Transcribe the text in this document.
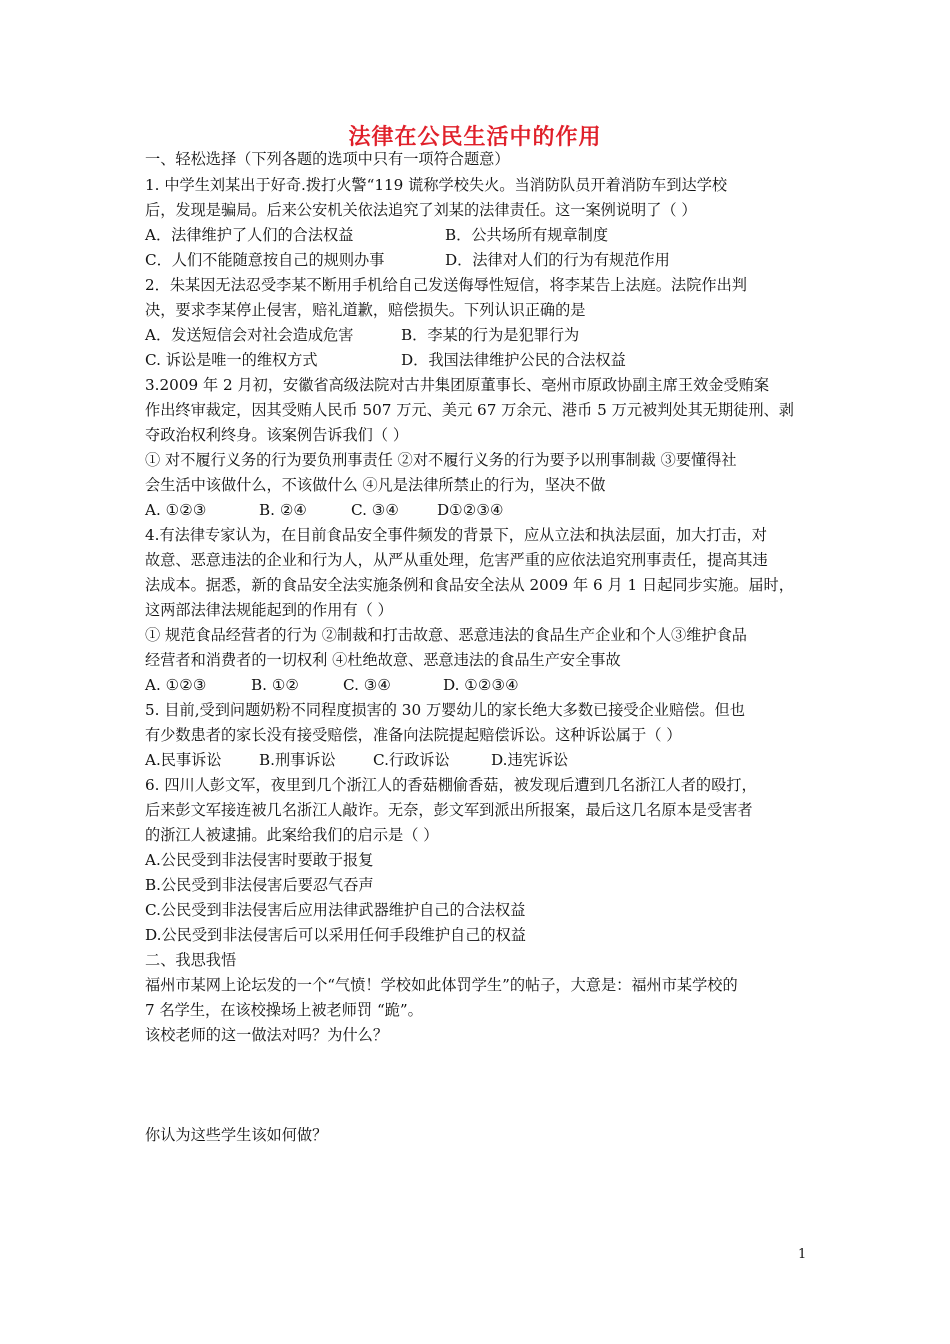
法律在公民生活中的作用
一、轻松选择（下列各题的选项中只有一项符合题意）
1. 中学生刘某出于好奇.拨打火警“119 谎称学校失火。当消防队员开着消防车到达学校
后，发现是骗局。后来公安机关依法追究了刘某的法律责任。这一案例说明了（ ）
A．法律维护了人们的合法权益	B．公共场所有规章制度
C．人们不能随意按自己的规则办事	D．法律对人们的行为有规范作用
2．朱某因无法忍受李某不断用手机给自己发送侮辱性短信，将李某告上法庭。法院作出判
决，要求李某停止侵害，赔礼道歉，赔偿损失。下列认识正确的是
A．发送短信会对社会造成危害	B．李某的行为是犯罪行为
C. 诉讼是唯一的维权方式	D．我国法律维护公民的合法权益
3.2009 年 2 月初，安徽省高级法院对古井集团原董事长、亳州市原政协副主席王效金受贿案
作出终审裁定，因其受贿人民币 507 万元、美元 67 万余元、港币 5 万元被判处其无期徒刑、剥
夺政治权利终身。该案例告诉我们（ ）
① 对不履行义务的行为要负刑事责任 ②对不履行义务的行为要予以刑事制裁 ③要懂得社
会生活中该做什么，不该做什么 ④凡是法律所禁止的行为，坚决不做
A. ①②③	B. ②④	C. ③④	D①②③④
4.有法律专家认为，在目前食品安全事件频发的背景下，应从立法和执法层面，加大打击，对
故意、恶意违法的企业和行为人，从严从重处理，危害严重的应依法追究刑事责任，提高其违
法成本。据悉，新的食品安全法实施条例和食品安全法从 2009 年 6 月 1 日起同步实施。届时，
这两部法律法规能起到的作用有（ ）
① 规范食品经营者的行为 ②制裁和打击故意、恶意违法的食品生产企业和个人③维护食品
经营者和消费者的一切权利 ④杜绝故意、恶意违法的食品生产安全事故
A. ①②③	B. ①②	C. ③④	D. ①②③④
5. 目前,受到问题奶粉不同程度损害的 30 万婴幼儿的家长绝大多数已接受企业赔偿。但也
有少数患者的家长没有接受赔偿，准备向法院提起赔偿诉讼。这种诉讼属于（ ）
A.民事诉讼 B.刑事诉讼 C.行政诉讼	D.违宪诉讼
6. 四川人彭文军，夜里到几个浙江人的香菇棚偷香菇，被发现后遭到几名浙江人者的殴打，
后来彭文军接连被几名浙江人敲诈。无奈，彭文军到派出所报案，最后这几名原本是受害者
的浙江人被逮捕。此案给我们的启示是（ ）
A.公民受到非法侵害时要敢于报复
B.公民受到非法侵害后要忍气吞声
C.公民受到非法侵害后应用法律武器维护自己的合法权益
D.公民受到非法侵害后可以采用任何手段维护自己的权益
二、我思我悟
福州市某网上论坛发的一个“气愤！学校如此体罚学生”的帖子，大意是：福州市某学校的
7 名学生，在该校操场上被老师罚 “跪”。
该校老师的这一做法对吗？为什么？
你认为这些学生该如何做？
1
